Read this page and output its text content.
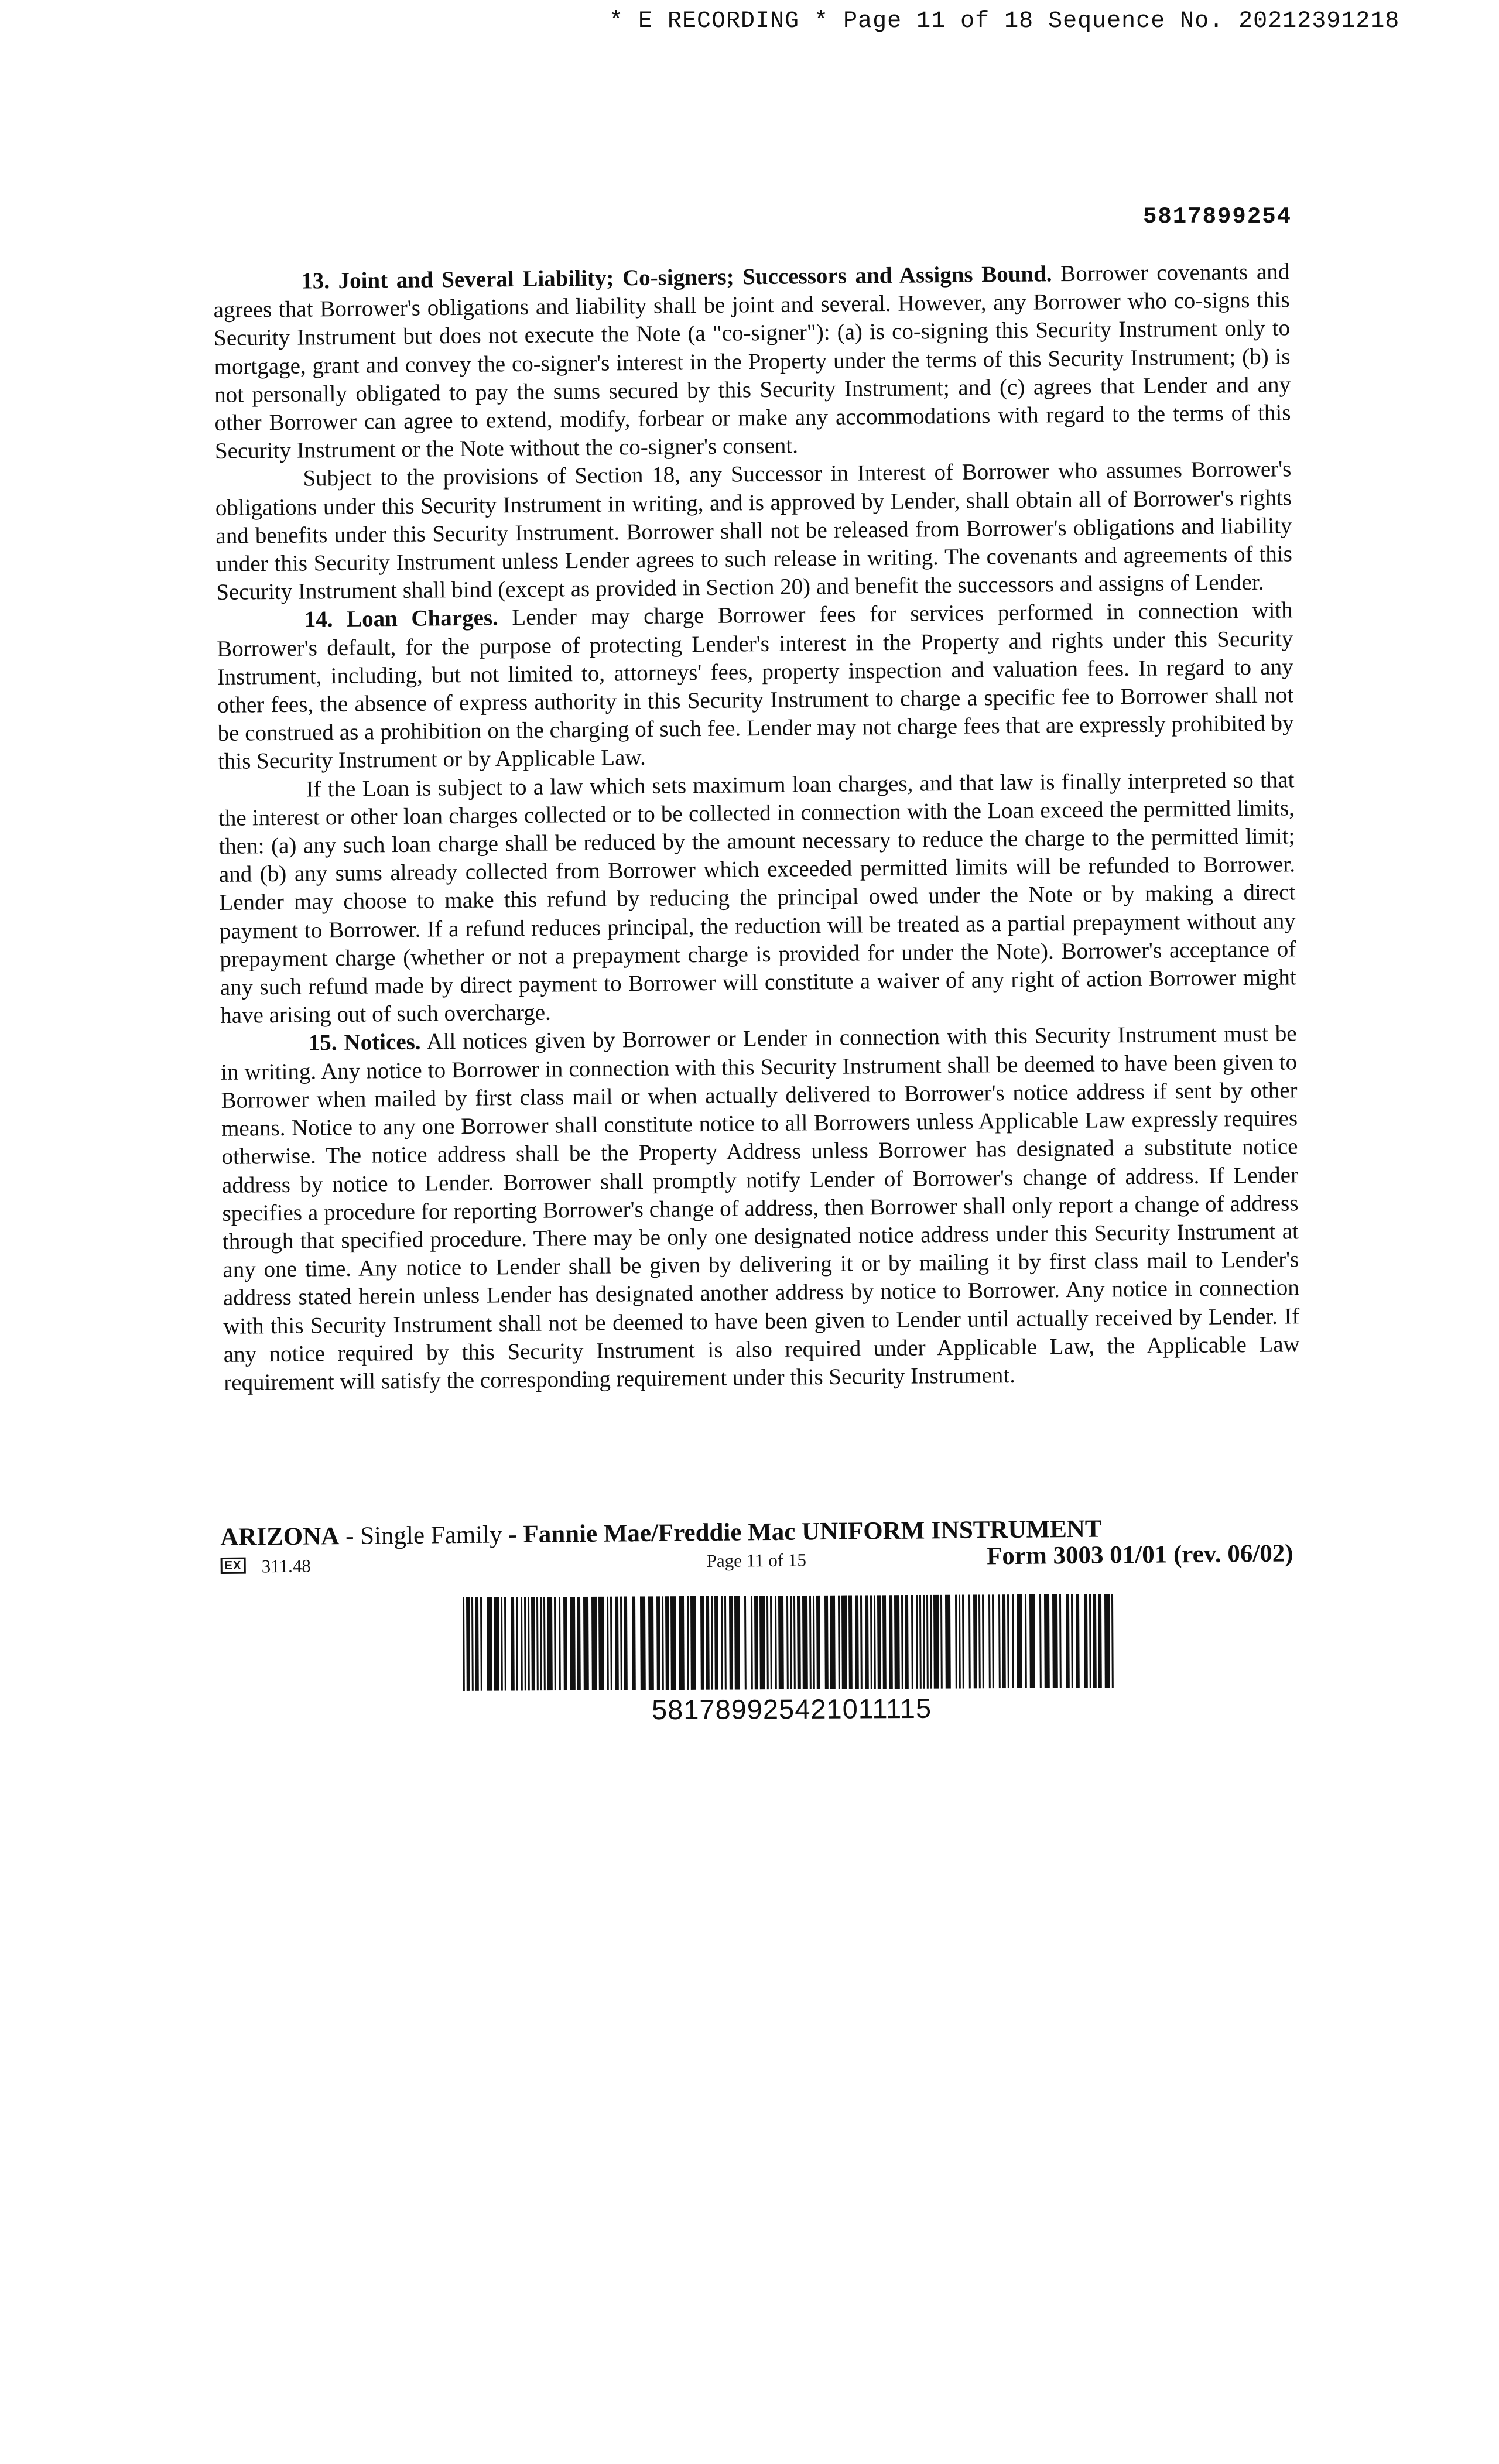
* E RECORDING * Page 11 of 18 Sequence No. 20212391218
5817899254

13. Joint and Several Liability; Co-signers; Successors and Assigns Bound. Borrower covenants and agrees that Borrower's obligations and liability shall be joint and several. However, any Borrower who co-signs this Security Instrument but does not execute the Note (a "co-signer"): (a) is co-signing this Security Instrument only to mortgage, grant and convey the co-signer's interest in the Property under the terms of this Security Instrument; (b) is not personally obligated to pay the sums secured by this Security Instrument; and (c) agrees that Lender and any other Borrower can agree to extend, modify, forbear or make any accommodations with regard to the terms of this Security Instrument or the Note without the co-signer's consent.

Subject to the provisions of Section 18, any Successor in Interest of Borrower who assumes Borrower's obligations under this Security Instrument in writing, and is approved by Lender, shall obtain all of Borrower's rights and benefits under this Security Instrument. Borrower shall not be released from Borrower's obligations and liability under this Security Instrument unless Lender agrees to such release in writing. The covenants and agreements of this Security Instrument shall bind (except as provided in Section 20) and benefit the successors and assigns of Lender.

14. Loan Charges. Lender may charge Borrower fees for services performed in connection with Borrower's default, for the purpose of protecting Lender's interest in the Property and rights under this Security Instrument, including, but not limited to, attorneys' fees, property inspection and valuation fees. In regard to any other fees, the absence of express authority in this Security Instrument to charge a specific fee to Borrower shall not be construed as a prohibition on the charging of such fee. Lender may not charge fees that are expressly prohibited by this Security Instrument or by Applicable Law.

If the Loan is subject to a law which sets maximum loan charges, and that law is finally interpreted so that the interest or other loan charges collected or to be collected in connection with the Loan exceed the permitted limits, then: (a) any such loan charge shall be reduced by the amount necessary to reduce the charge to the permitted limit; and (b) any sums already collected from Borrower which exceeded permitted limits will be refunded to Borrower. Lender may choose to make this refund by reducing the principal owed under the Note or by making a direct payment to Borrower. If a refund reduces principal, the reduction will be treated as a partial prepayment without any prepayment charge (whether or not a prepayment charge is provided for under the Note). Borrower's acceptance of any such refund made by direct payment to Borrower will constitute a waiver of any right of action Borrower might have arising out of such overcharge.

15. Notices. All notices given by Borrower or Lender in connection with this Security Instrument must be in writing. Any notice to Borrower in connection with this Security Instrument shall be deemed to have been given to Borrower when mailed by first class mail or when actually delivered to Borrower's notice address if sent by other means. Notice to any one Borrower shall constitute notice to all Borrowers unless Applicable Law expressly requires otherwise. The notice address shall be the Property Address unless Borrower has designated a substitute notice address by notice to Lender. Borrower shall promptly notify Lender of Borrower's change of address. If Lender specifies a procedure for reporting Borrower's change of address, then Borrower shall only report a change of address through that specified procedure. There may be only one designated notice address under this Security Instrument at any one time. Any notice to Lender shall be given by delivering it or by mailing it by first class mail to Lender's address stated herein unless Lender has designated another address by notice to Borrower. Any notice in connection with this Security Instrument shall not be deemed to have been given to Lender until actually received by Lender. If any notice required by this Security Instrument is also required under Applicable Law, the Applicable Law requirement will satisfy the corresponding requirement under this Security Instrument.

ARIZONA - Single Family - Fannie Mae/Freddie Mac UNIFORM INSTRUMENT
EX 311.48	Page 11 of 15	Form 3003 01/01 (rev. 06/02)
581789925421011115
